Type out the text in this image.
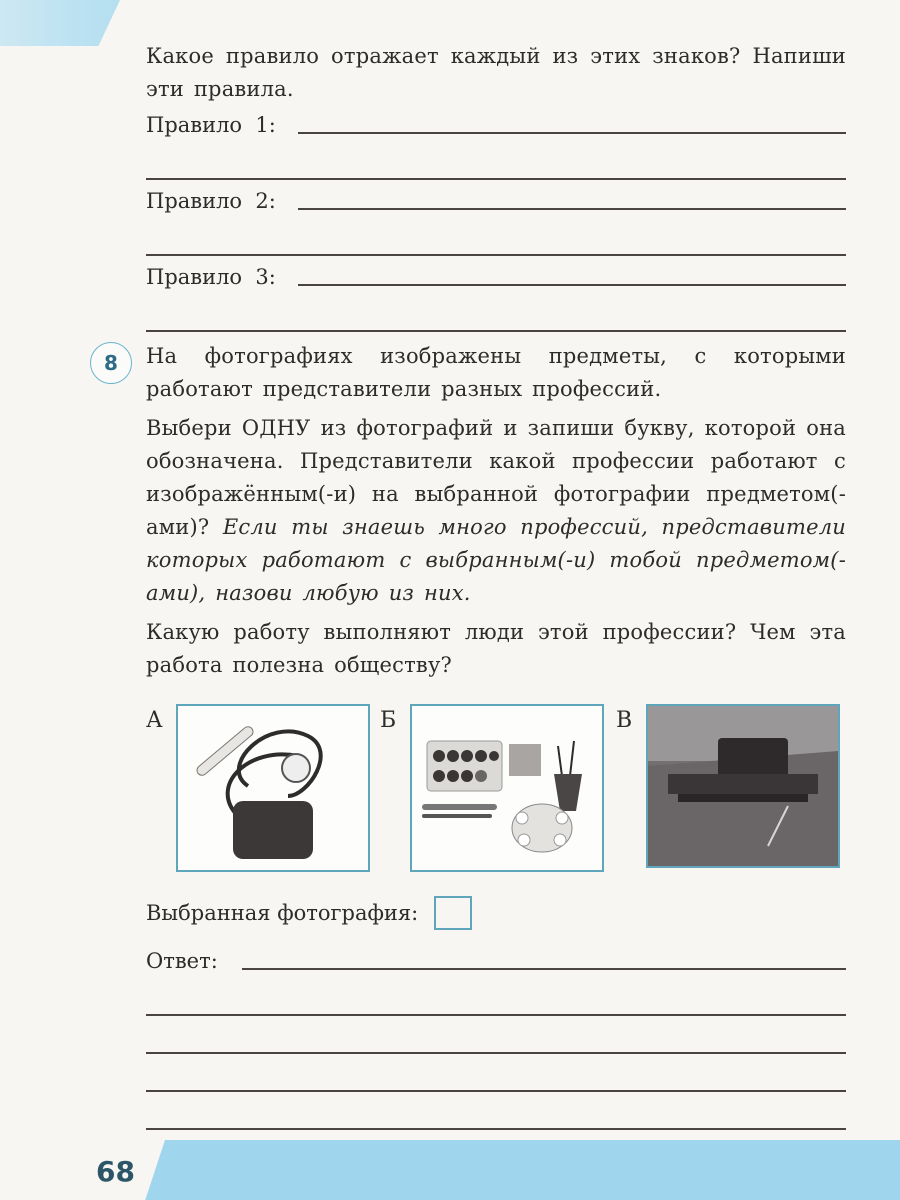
Какое правило отражает каждый из этих знаков? Напиши эти правила.

Правило  1:
Правило  2:
Правило  3:
8	На фотографиях изображены предметы, с которыми работают представители разных профессий.

Выбери ОДНУ из фотографий и запиши букву, которой она обозначена. Представители какой профессии работают с изображённым(-и) на выбранной фотографии предметом(-ами)? Если ты знаешь много профессий, представители которых работают с выбранным(-и) тобой предметом(-ами), назови любую из них.

Какую работу выполняют люди этой профессии? Чем эта работа полезна обществу?

А	Б	В
Выбранная фотография:
Ответ:
68
